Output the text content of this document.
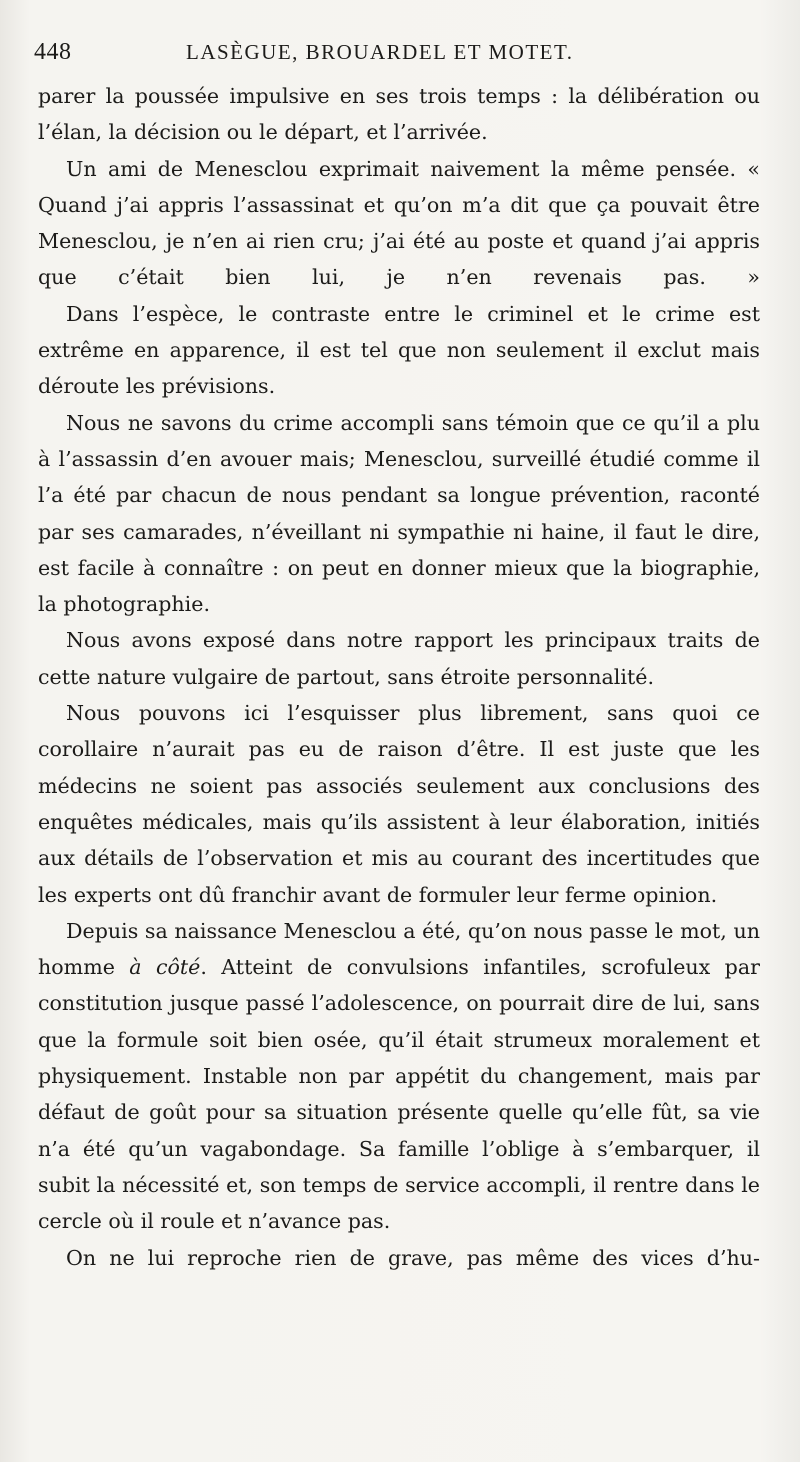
448	LASÈGUE, BROUARDEL ET MOTET.

parer la poussée impulsive en ses trois temps : la délibération ou l’élan, la décision ou le départ, et l’arrivée.

Un ami de Menesclou exprimait naivement la même pensée. « Quand j’ai appris l’assassinat et qu’on m’a dit que ça pouvait être Menesclou, je n’en ai rien cru; j’ai été au poste et quand j’ai appris que c’était bien lui, je n’en revenais pas. »

Dans l’espèce, le contraste entre le criminel et le crime est extrême en apparence, il est tel que non seulement il exclut mais déroute les prévisions.

Nous ne savons du crime accompli sans témoin que ce qu’il a plu à l’assassin d’en avouer mais; Menesclou, surveillé étudié comme il l’a été par chacun de nous pendant sa longue prévention, raconté par ses camarades, n’éveillant ni sympathie ni haine, il faut le dire, est facile à connaître : on peut en donner mieux que la biographie, la photographie.

Nous avons exposé dans notre rapport les principaux traits de cette nature vulgaire de partout, sans étroite personnalité.

Nous pouvons ici l’esquisser plus librement, sans quoi ce corollaire n’aurait pas eu de raison d’être. Il est juste que les médecins ne soient pas associés seulement aux conclusions des enquêtes médicales, mais qu’ils assistent à leur élaboration, initiés aux détails de l’observation et mis au courant des incertitudes que les experts ont dû franchir avant de formuler leur ferme opinion.

Depuis sa naissance Menesclou a été, qu’on nous passe le mot, un homme à côté. Atteint de convulsions infantiles, scrofuleux par constitution jusque passé l’adolescence, on pourrait dire de lui, sans que la formule soit bien osée, qu’il était strumeux moralement et physiquement. Instable non par appétit du changement, mais par défaut de goût pour sa situation présente quelle qu’elle fût, sa vie n’a été qu’un vagabondage. Sa famille l’oblige à s’embarquer, il subit la nécessité et, son temps de service accompli, il rentre dans le cercle où il roule et n’avance pas.

On ne lui reproche rien de grave, pas même des vices d’hu-
